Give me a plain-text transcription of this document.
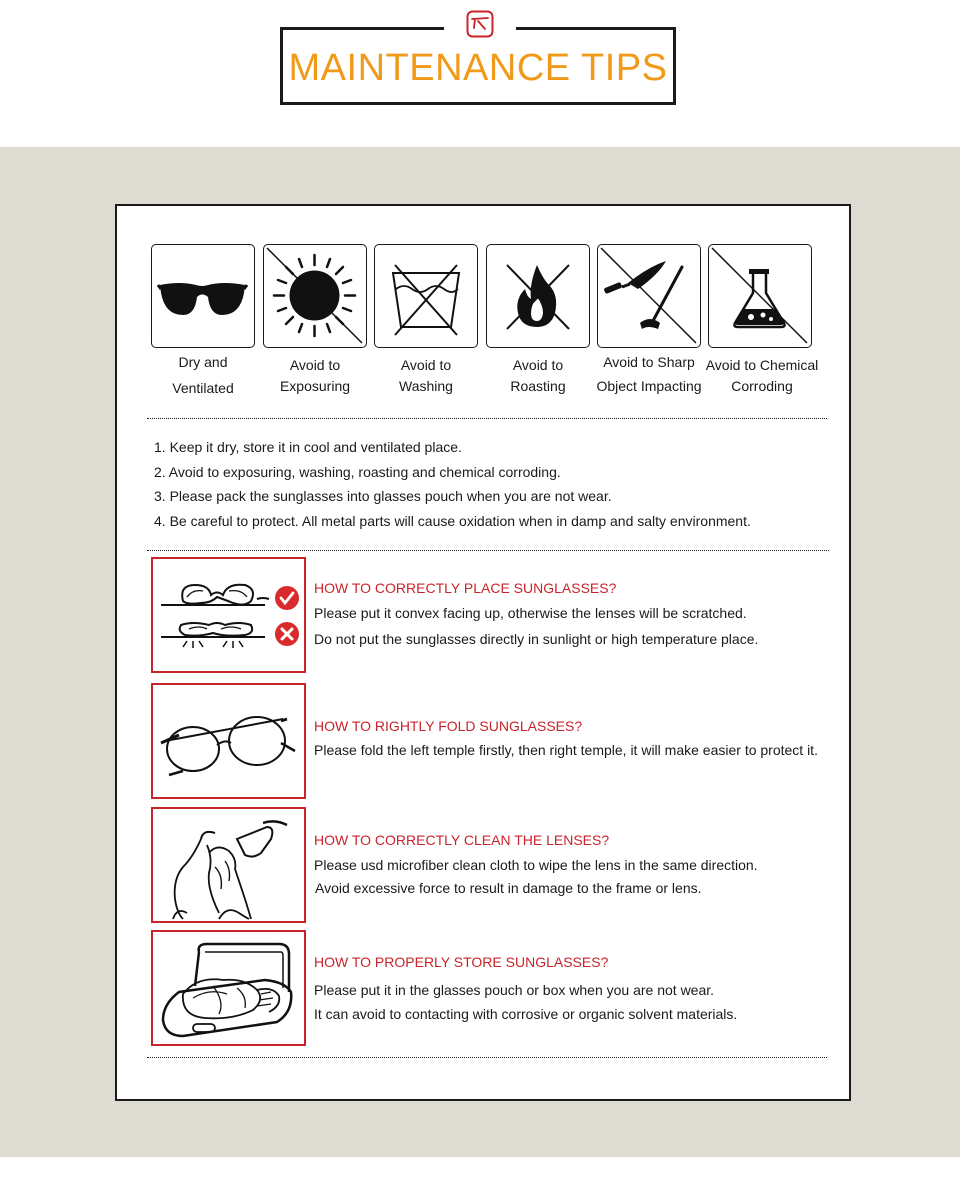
MAINTENANCE TIPS
Dry and
Ventilated
Avoid to
Exposuring
Avoid to
Washing
Avoid to
Roasting
Avoid to Sharp
Object Impacting
Avoid to Chemical
Corroding
1. Keep it dry, store it in cool and ventilated place.
2. Avoid to exposuring, washing, roasting and chemical corroding.
3. Please pack the sunglasses into glasses pouch when you are not wear.
4. Be careful to protect. All metal parts will cause oxidation when in damp and salty environment.
HOW TO CORRECTLY PLACE SUNGLASSES?
Please put it convex facing up, otherwise the lenses will be scratched.
Do not put the sunglasses directly in sunlight or high temperature place.
HOW TO RIGHTLY FOLD SUNGLASSES?
Please fold the left temple firstly, then right temple, it will make easier to protect it.
HOW TO CORRECTLY CLEAN THE LENSES?
Please usd microfiber clean cloth to wipe the lens in the same direction.
Avoid excessive force to result in damage to the frame or lens.
HOW TO PROPERLY STORE SUNGLASSES?
Please put it in the glasses pouch or box when you are not wear.
It can avoid to contacting with corrosive or organic solvent materials.
